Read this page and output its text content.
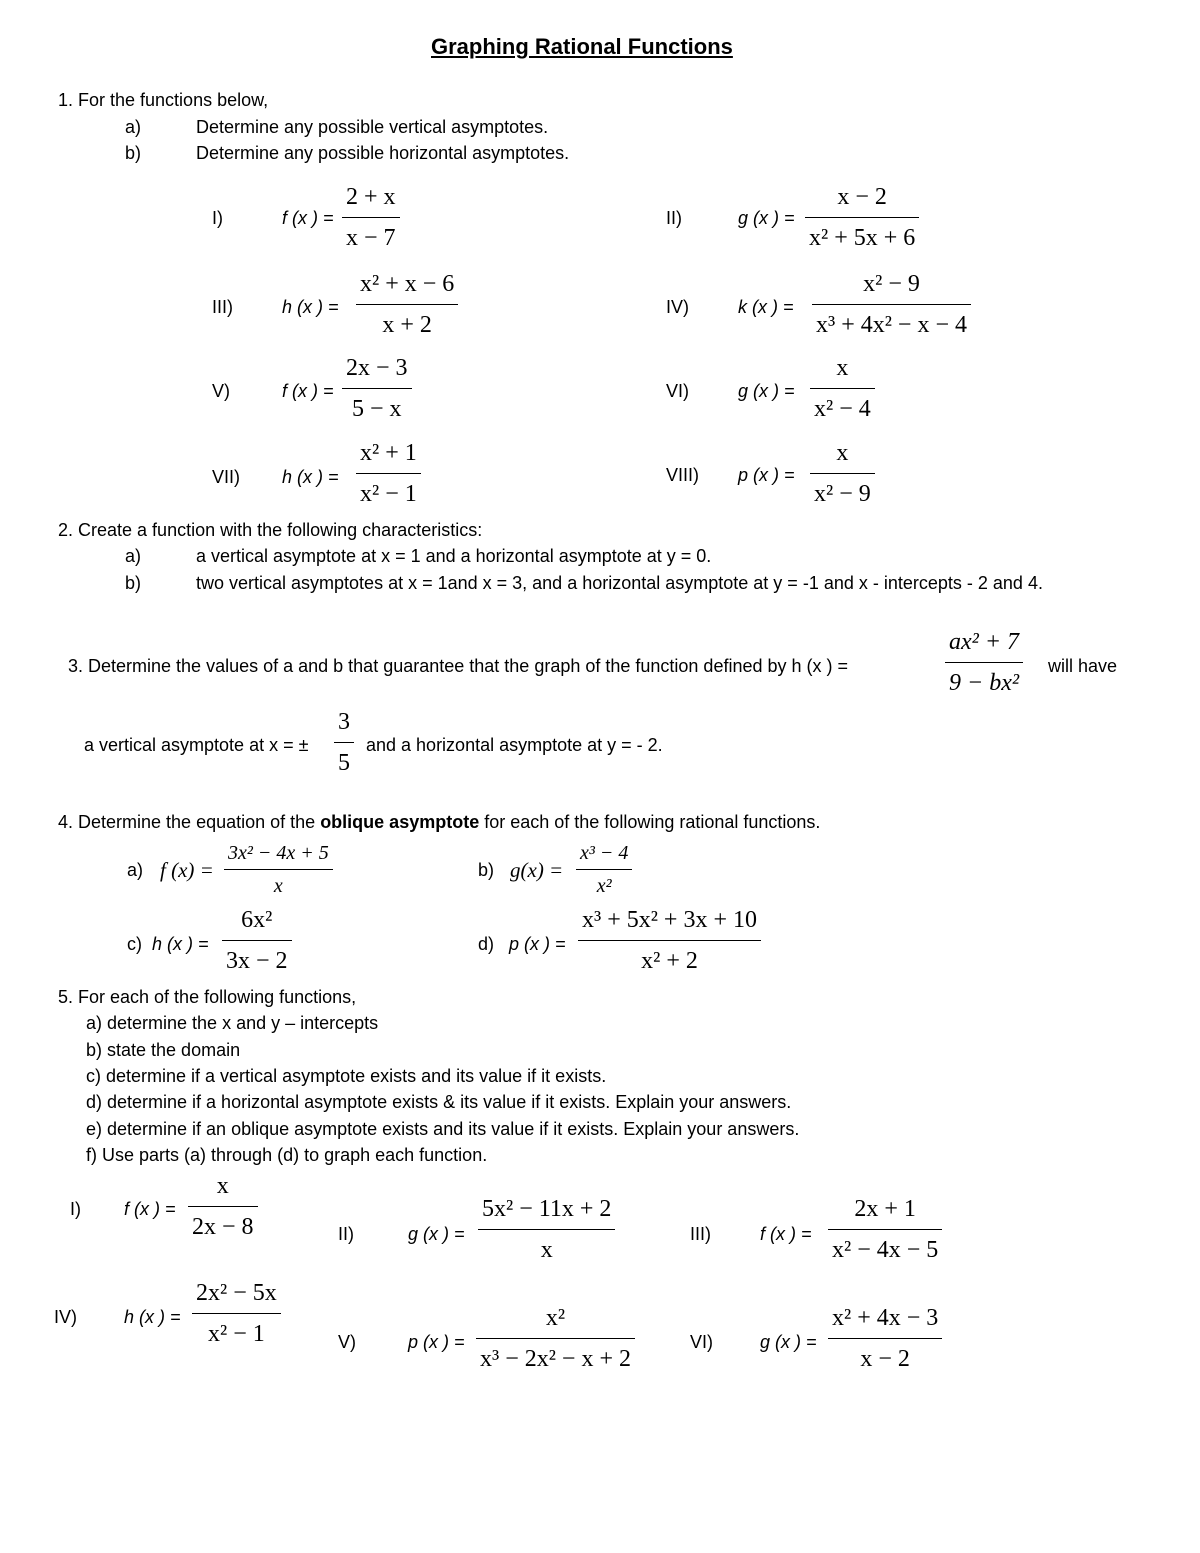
Graphing Rational Functions
1. For the functions below,
a)	Determine any possible vertical asymptotes.
b)	Determine any possible horizontal asymptotes.
I)	f (x ) =
2 + x
x − 7
II)	g (x ) =
x − 2
x² + 5x + 6
III)	h (x ) =
x² + x − 6
x + 2
IV)	k (x ) =
x² − 9
x³ + 4x² − x − 4
V)	f (x ) =
2x − 3
5 − x
VI)	g (x ) =
x
x² − 4
VII) h (x ) =
x² + 1
x² − 1
VIII) p (x ) =
x
x² − 9
2. Create a function with the following characteristics:
a)	a vertical asymptote at x = 1 and a horizontal asymptote at y = 0.
b)	two vertical asymptotes at x = 1and x = 3, and a horizontal asymptote at y = -1 and x - intercepts - 2 and 4.
3. Determine the values of a and b that guarantee that the graph of the function defined by h (x ) =
ax² + 7
9 − bx²
will have
a vertical asymptote at x = ±
3
5
and a horizontal asymptote at y = - 2.
4. Determine the equation of the oblique asymptote for each of the following rational functions.
a) f (x) =
3x² − 4x + 5
x
b) g(x) =
x³ − 4
x²
c) h (x ) =
6x²
3x − 2
d) p (x ) =
x³ + 5x² + 3x + 10
x² + 2
5. For each of the following functions,
a) determine the x and y – intercepts
b) state the domain
c) determine if a vertical asymptote exists and its value if it exists.
d) determine if a horizontal asymptote exists & its value if it exists. Explain your answers.
e) determine if an oblique asymptote exists and its value if it exists. Explain your answers.
f) Use parts (a) through (d) to graph each function.
I) f (x ) =
x
2x − 8	II)	g (x ) =
5x² − 11x + 2
x
III)	f (x ) =
2x + 1
x² − 4x − 5
IV)	h (x ) =
2x² − 5x
x² − 1	V)	p (x ) =
x²
x³ − 2x² − x + 2
VI)	g (x ) =
x² + 4x − 3
x − 2
